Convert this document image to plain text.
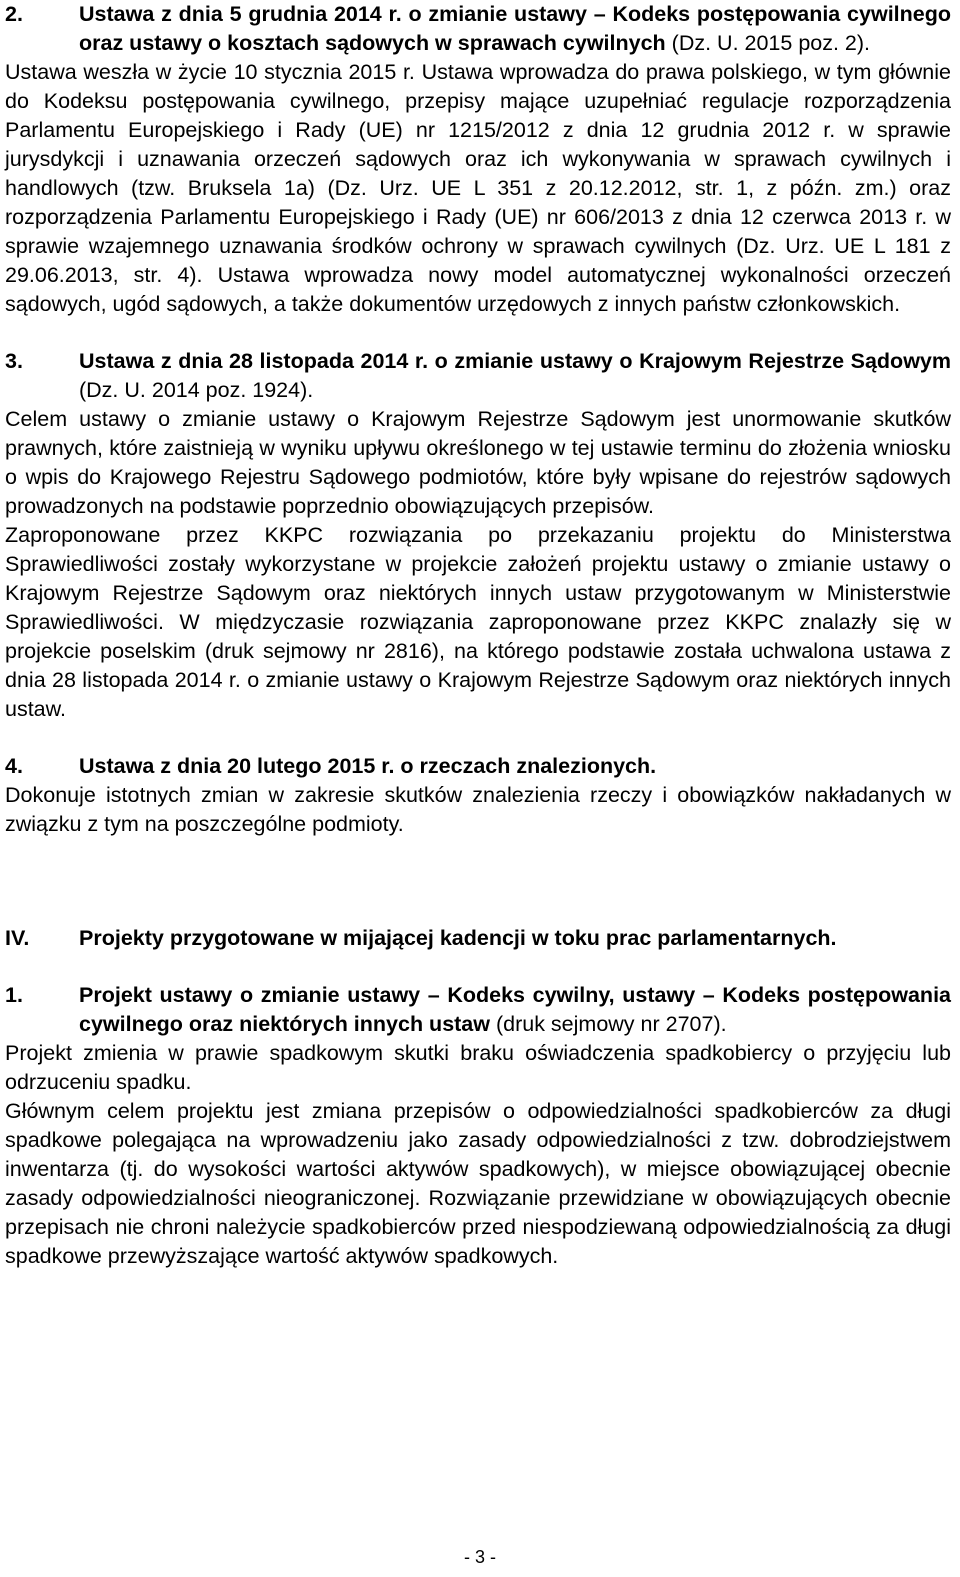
2.	Ustawa z dnia 5 grudnia 2014 r. o zmianie ustawy – Kodeks postępowania cywilnego oraz ustawy o kosztach sądowych w sprawach cywilnych (Dz. U. 2015 poz. 2).

Ustawa weszła w życie 10 stycznia 2015 r. Ustawa wprowadza do prawa polskiego, w tym głównie do Kodeksu postępowania cywilnego, przepisy mające uzupełniać regulacje rozporządzenia Parlamentu Europejskiego i Rady (UE) nr 1215/2012 z dnia 12 grudnia 2012 r. w sprawie jurysdykcji i uznawania orzeczeń sądowych oraz ich wykonywania w sprawach cywilnych i handlowych (tzw. Bruksela 1a) (Dz. Urz. UE L 351 z 20.12.2012, str. 1, z późn. zm.) oraz rozporządzenia Parlamentu Europejskiego i Rady (UE) nr 606/2013 z dnia 12 czerwca 2013 r. w sprawie wzajemnego uznawania środków ochrony w sprawach cywilnych (Dz. Urz. UE L 181 z 29.06.2013, str. 4). Ustawa wprowadza nowy model automatycznej wykonalności orzeczeń sądowych, ugód sądowych, a także dokumentów urzędowych z innych państw członkowskich.

3.	Ustawa z dnia 28 listopada 2014 r. o zmianie ustawy o Krajowym Rejestrze Sądowym (Dz. U. 2014 poz. 1924).

Celem ustawy o zmianie ustawy o Krajowym Rejestrze Sądowym jest unormowanie skutków prawnych, które zaistnieją w wyniku upływu określonego w tej ustawie terminu do złożenia wniosku o wpis do Krajowego Rejestru Sądowego podmiotów, które były wpisane do rejestrów sądowych prowadzonych na podstawie poprzednio obowiązujących przepisów.

Zaproponowane przez KKPC rozwiązania po przekazaniu projektu do Ministerstwa Sprawiedliwości zostały wykorzystane w projekcie założeń projektu ustawy o zmianie ustawy o Krajowym Rejestrze Sądowym oraz niektórych innych ustaw przygotowanym w Ministerstwie Sprawiedliwości. W międzyczasie rozwiązania zaproponowane przez KKPC znalazły się w projekcie poselskim (druk sejmowy nr 2816), na którego podstawie została uchwalona ustawa z dnia 28 listopada 2014 r. o zmianie ustawy o Krajowym Rejestrze Sądowym oraz niektórych innych ustaw.

4.	Ustawa z dnia 20 lutego 2015 r. o rzeczach znalezionych.

Dokonuje istotnych zmian w zakresie skutków znalezienia rzeczy i obowiązków nakładanych w związku z tym na poszczególne podmioty.

IV.	Projekty przygotowane w mijającej kadencji w toku prac parlamentarnych.
1.	Projekt ustawy o zmianie ustawy – Kodeks cywilny, ustawy – Kodeks postępowania cywilnego oraz niektórych innych ustaw (druk sejmowy nr 2707).

Projekt zmienia w prawie spadkowym skutki braku oświadczenia spadkobiercy o przyjęciu lub odrzuceniu spadku.

Głównym celem projektu jest zmiana przepisów o odpowiedzialności spadkobierców za długi spadkowe polegająca na wprowadzeniu jako zasady odpowiedzialności z tzw. dobrodziejstwem inwentarza (tj. do wysokości wartości aktywów spadkowych), w miejsce obowiązującej obecnie zasady odpowiedzialności nieograniczonej. Rozwiązanie przewidziane w obowiązujących obecnie przepisach nie chroni należycie spadkobierców przed niespodziewaną odpowiedzialnością za długi spadkowe przewyższające wartość aktywów spadkowych.

- 3 -
